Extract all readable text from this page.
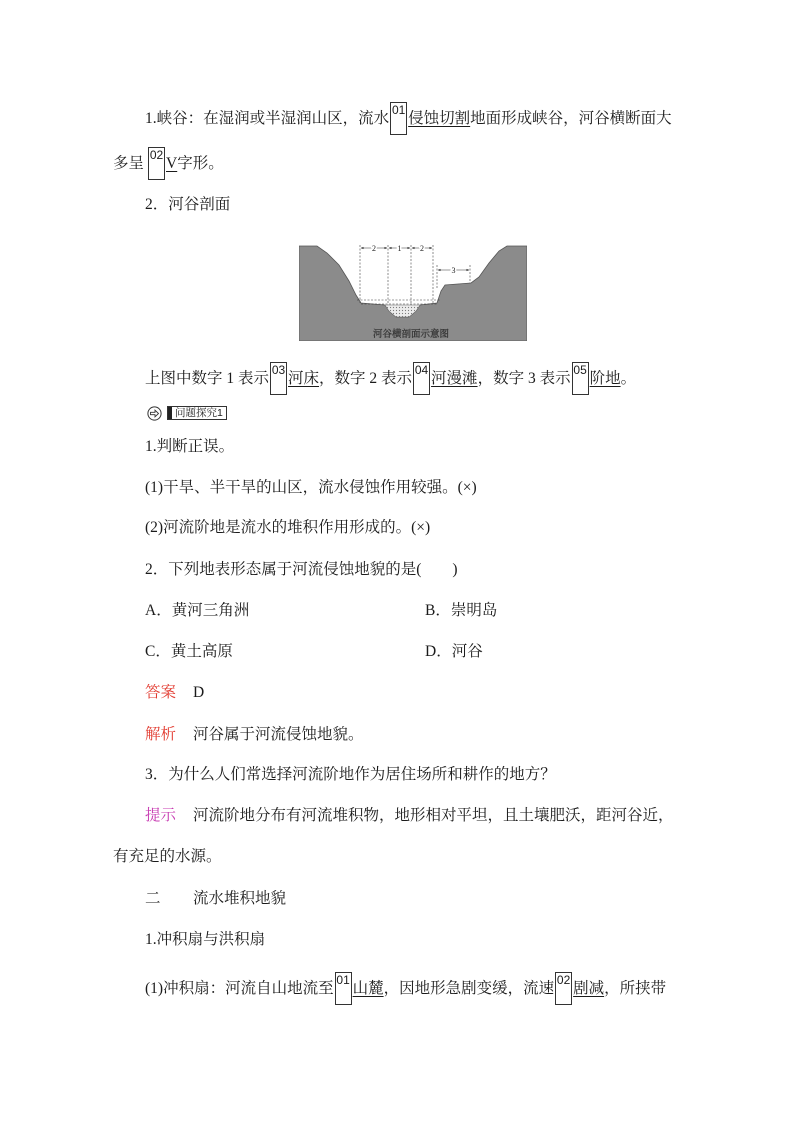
1.峡谷：在湿润或半湿润山区，流水 01 侵蚀切割地面形成峡谷，河谷横断面大
多呈 02 V字形。
2．河谷剖面
2	1 2
3
河谷横剖面示意图
上图中数字 1 表示 03 河床，数字 2 表示 04 河漫滩，数字 3 表示 05 阶地。
问题探究1
1.判断正误。
(1)干旱、半干旱的山区，流水侵蚀作用较强。(×)
(2)河流阶地是流水的堆积作用形成的。(×)
2．下列地表形态属于河流侵蚀地貌的是(　　)
A．黄河三角洲	B．崇明岛
C．黄土高原	D．河谷
答案 D
解析 河谷属于河流侵蚀地貌。
3．为什么人们常选择河流阶地作为居住场所和耕作的地方？
提示 河流阶地分布有河流堆积物，地形相对平坦，且土壤肥沃，距河谷近，
有充足的水源。
二 流水堆积地貌
1.冲积扇与洪积扇
(1)冲积扇：河流自山地流至 01 山麓，因地形急剧变缓，流速 02 剧减，所挟带
